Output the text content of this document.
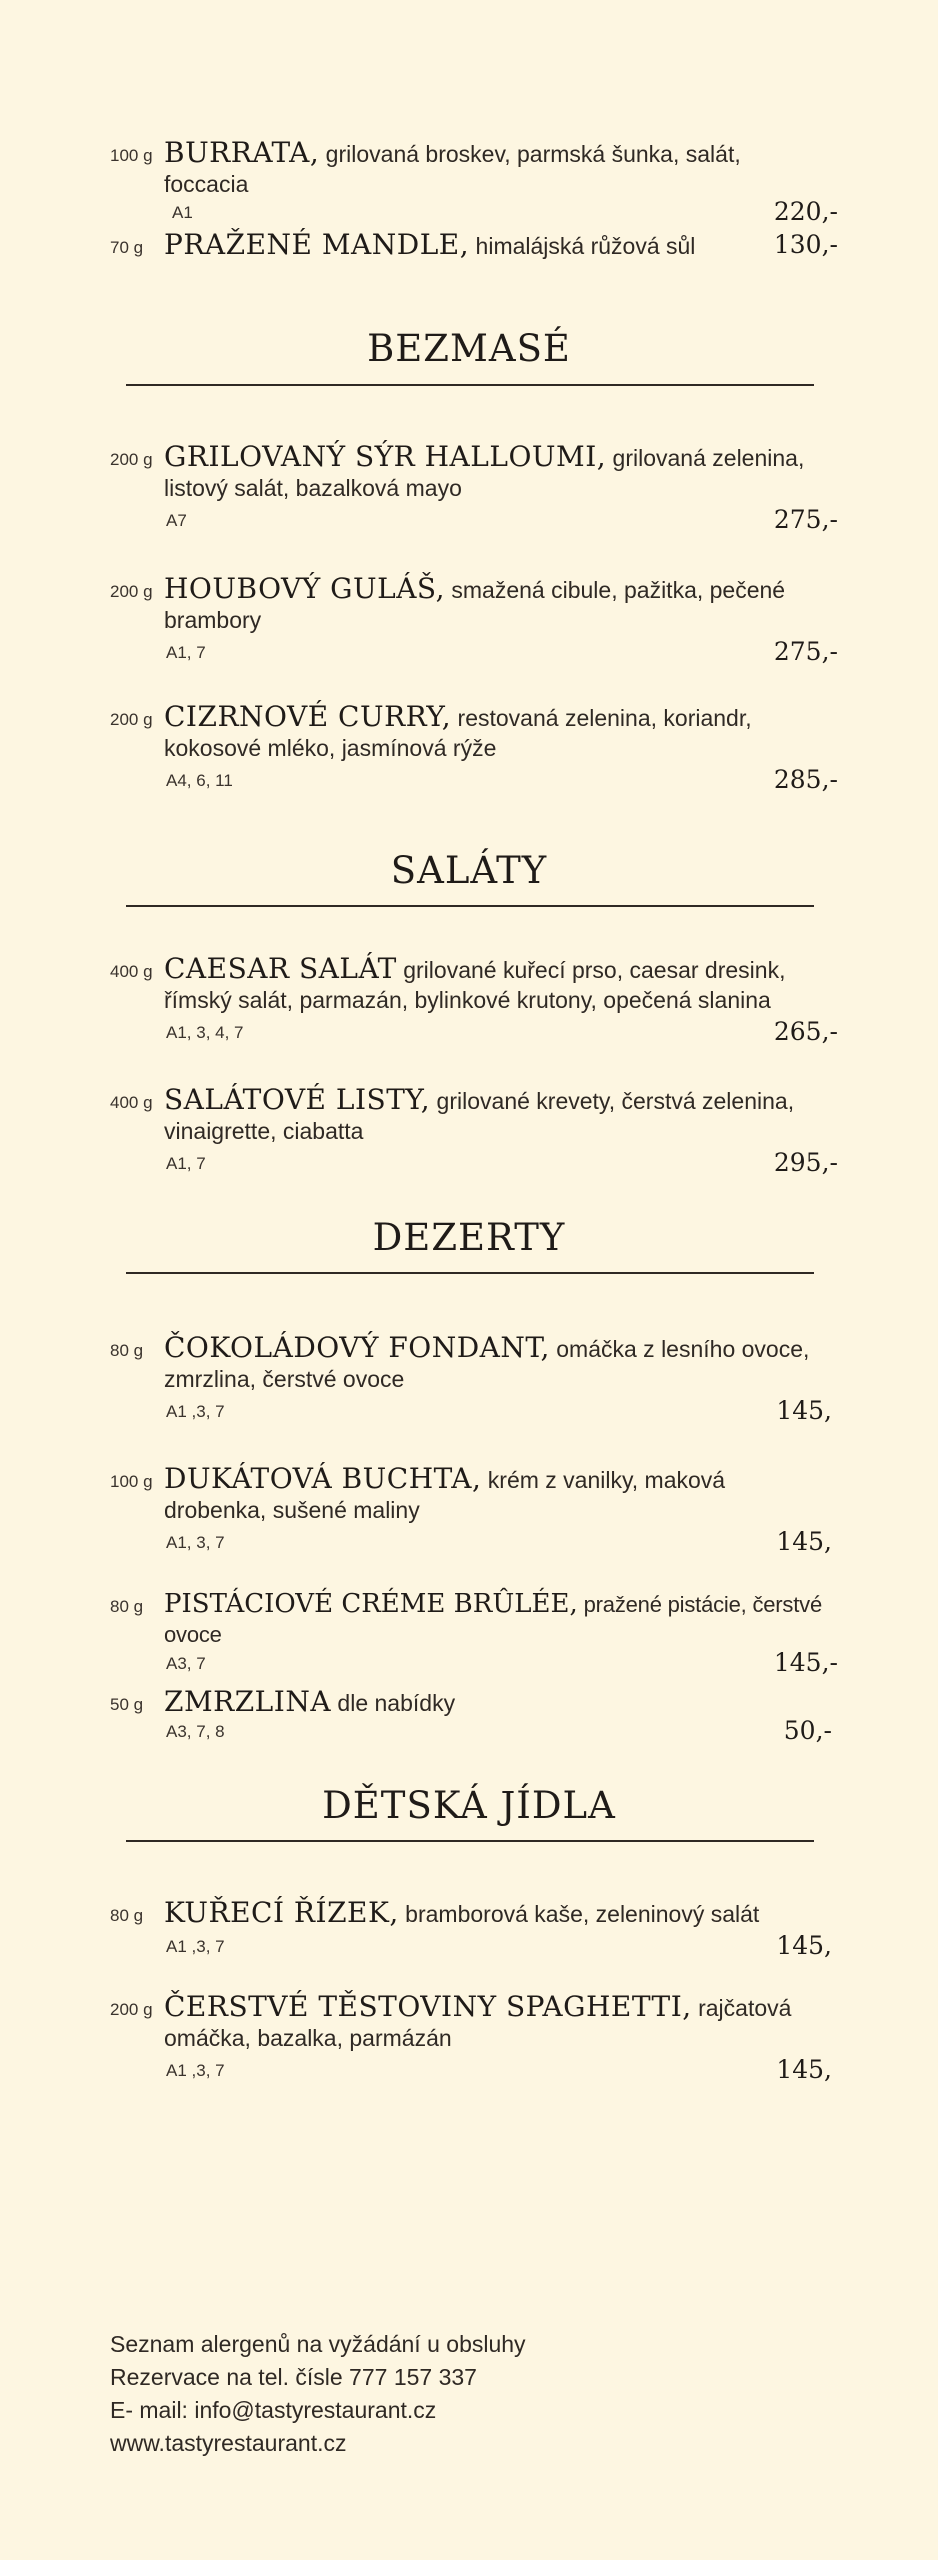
100 g BURRATA, grilovaná broskev, parmská šunka, salát, foccacia
A1	220,-
70 g PRAŽENÉ MANDLE, himalájská růžová sůl	130,-
BEZMASÉ
200 g GRILOVANÝ SÝR HALLOUMI, grilovaná zelenina, listový salát, bazalková mayo
A7	275,-
200 g HOUBOVÝ GULÁŠ, smažená cibule, pažitka, pečené brambory
A1, 7	275,-
200 g CIZRNOVÉ CURRY, restovaná zelenina, koriandr, kokosové mléko, jasmínová rýže
A4, 6, 11	285,-
SALÁTY
400 g CAESAR SALÁT grilované kuřecí prso, caesar dresink, římský salát, parmazán, bylinkové krutony, opečená slanina
A1, 3, 4, 7	265,-
400 g SALÁTOVÉ LISTY, grilované krevety, čerstvá zelenina, vinaigrette, ciabatta
A1, 7	295,-
DEZERTY
80 g ČOKOLÁDOVÝ FONDANT, omáčka z lesního ovoce, zmrzlina, čerstvé ovoce
A1 ,3, 7	145,
100 g DUKÁTOVÁ BUCHTA, krém z vanilky, maková drobenka, sušené maliny
A1, 3, 7	145,
80 g PISTÁCIOVÉ CRÉME BRÛLÉE, pražené pistácie, čerstvé ovoce
A3, 7	145,-
50 g ZMRZLINA dle nabídky
A3, 7, 8	50,-
DĚTSKÁ JÍDLA
80 g KUŘECÍ ŘÍZEK, bramborová kaše, zeleninový salát
A1 ,3, 7	145,
200 g ČERSTVÉ TĚSTOVINY SPAGHETTI, rajčatová omáčka, bazalka, parmázán
A1 ,3, 7	145,
Seznam alergenů na vyžádání u obsluhy
Rezervace na tel. čísle 777 157 337
E- mail: info@tastyrestaurant.cz
www.tastyrestaurant.cz
